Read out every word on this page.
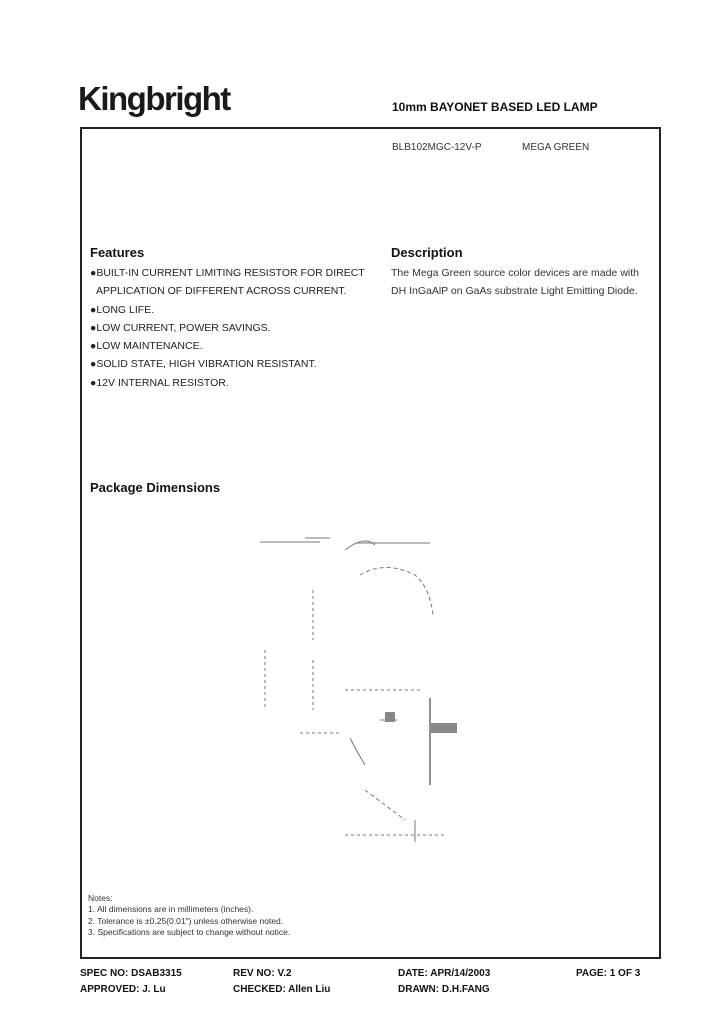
Kingbright	10mm BAYONET BASED LED LAMP
BLB102MGC-12V-P	MEGA GREEN
Features
●BUILT-IN CURRENT LIMITING RESISTOR FOR DIRECT
APPLICATION OF DIFFERENT ACROSS CURRENT.
●LONG LIFE.
●LOW CURRENT, POWER SAVINGS.
●LOW MAINTENANCE.
●SOLID STATE, HIGH VIBRATION RESISTANT.
●12V INTERNAL RESISTOR.
Description
The Mega Green source color devices are made with DH InGaAlP on GaAs substrate Light Emitting Diode.
Package Dimensions
Notes:
1. All dimensions are in millimeters (inches).
2. Tolerance is ±0.25(0.01") unless otherwise noted.
3. Specifications are subject to change without notice.
SPEC NO: DSAB3315	REV NO: V.2	DATE: APR/14/2003	PAGE: 1 OF 3
APPROVED: J. Lu	CHECKED: Allen Liu	DRAWN: D.H.FANG
